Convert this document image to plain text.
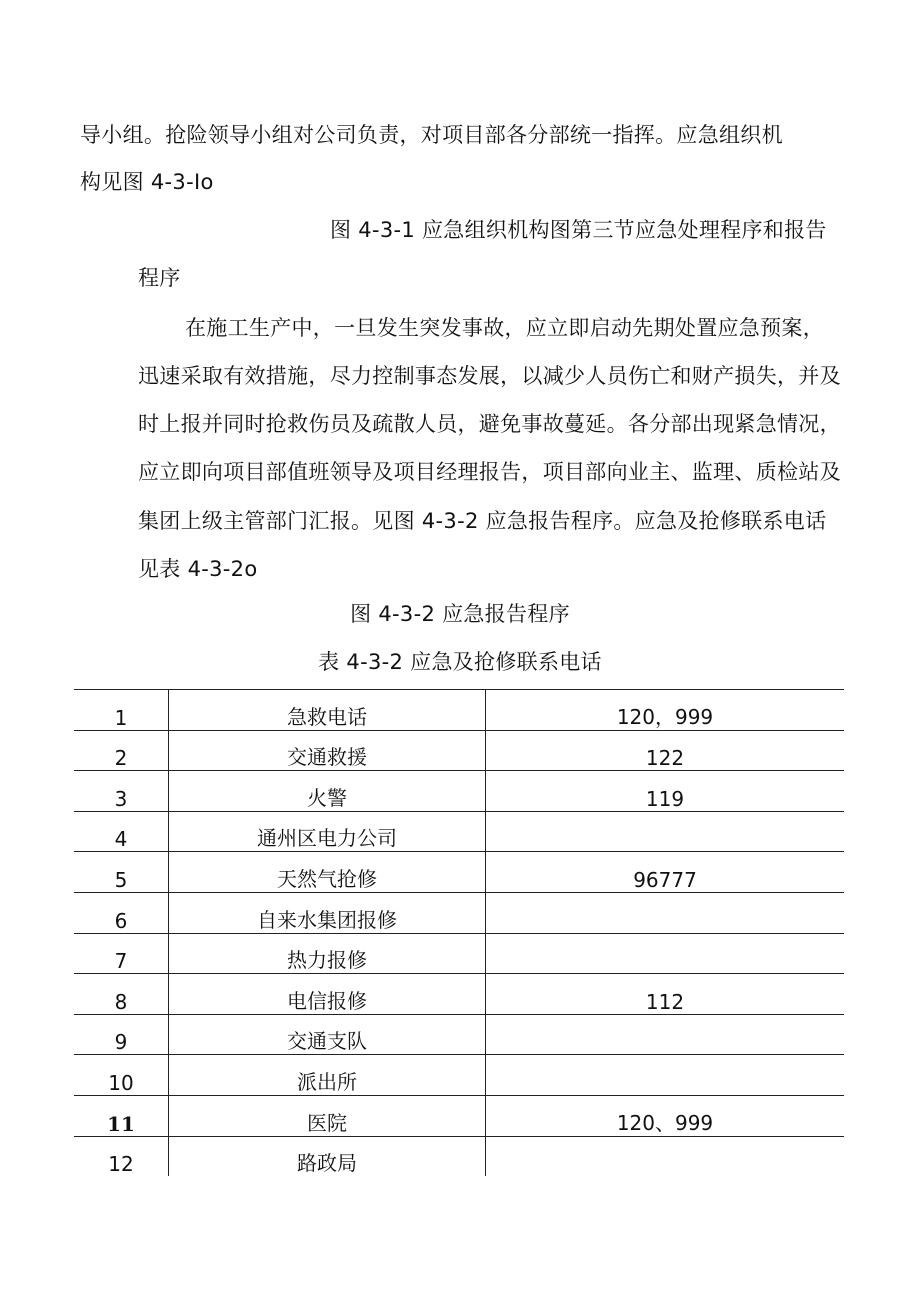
导小组。抢险领导小组对公司负责，对项目部各分部统一指挥。应急组织机
构见图 4-3-Io
图 4-3-1 应急组织机构图第三节应急处理程序和报告
程序
在施工生产中，一旦发生突发事故，应立即启动先期处置应急预案，
迅速采取有效措施，尽力控制事态发展，以减少人员伤亡和财产损失，并及
时上报并同时抢救伤员及疏散人员，避免事故蔓延。各分部出现紧急情况，
应立即向项目部值班领导及项目经理报告，项目部向业主、监理、质检站及
集团上级主管部门汇报。见图 4-3-2 应急报告程序。应急及抢修联系电话
见表 4-3-2o
图 4-3-2 应急报告程序
表 4-3-2 应急及抢修联系电话
1	急救电话	120，999
2	交通救援	122
3	火警	119
4	通州区电力公司	
5	天然气抢修	96777
6	自来水集团报修	
7	热力报修	
8	电信报修	112
9	交通支队	
10	派出所	
11	医院	120、999
12	路政局	
